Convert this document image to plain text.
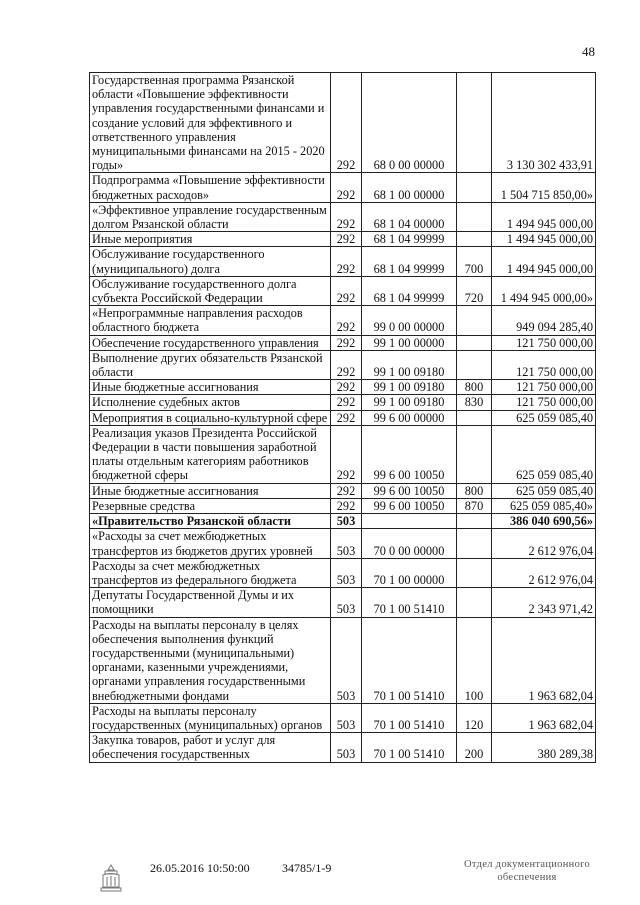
48
Государственная программа Рязанской области «Повышение эффективности управления государственными финансами и создание условий для эффективного и ответственного управления муниципальными финансами на 2015 - 2020 годы»	292	68 0 00 00000		3 130 302 433,91
Подпрограмма «Повышение эффективности бюджетных расходов»	292	68 1 00 00000		1 504 715 850,00»
«Эффективное управление государственным долгом Рязанской области	292	68 1 04 00000		1 494 945 000,00
Иные мероприятия	292	68 1 04 99999		1 494 945 000,00
Обслуживание государственного (муниципального) долга	292	68 1 04 99999	700	1 494 945 000,00
Обслуживание государственного долга субъекта Российской Федерации	292	68 1 04 99999	720	1 494 945 000,00»
«Непрограммные направления расходов областного бюджета	292	99 0 00 00000		949 094 285,40
Обеспечение государственного управления	292	99 1 00 00000		121 750 000,00
Выполнение других обязательств Рязанской области	292	99 1 00 09180		121 750 000,00
Иные бюджетные ассигнования	292	99 1 00 09180	800	121 750 000,00
Исполнение судебных актов	292	99 1 00 09180	830	121 750 000,00
Мероприятия в социально-культурной сфере	292	99 6 00 00000		625 059 085,40
Реализация указов Президента Российской Федерации в части повышения заработной платы отдельным категориям работников бюджетной сферы	292	99 6 00 10050		625 059 085,40
Иные бюджетные ассигнования	292	99 6 00 10050	800	625 059 085,40
Резервные средства	292	99 6 00 10050	870	625 059 085,40»
«Правительство Рязанской области	503			386 040 690,56»
«Расходы за счет межбюджетных трансфертов из бюджетов других уровней	503	70 0 00 00000		2 612 976,04
Расходы за счет межбюджетных трансфертов из федерального бюджета	503	70 1 00 00000		2 612 976,04
Депутаты Государственной Думы и их помощники	503	70 1 00 51410		2 343 971,42
Расходы на выплаты персоналу в целях обеспечения выполнения функций государственными (муниципальными) органами, казенными учреждениями, органами управления государственными внебюджетными фондами	503	70 1 00 51410	100	1 963 682,04
Расходы на выплаты персоналу государственных (муниципальных) органов	503	70 1 00 51410	120	1 963 682,04
Закупка товаров, работ и услуг для обеспечения государственных	503	70 1 00 51410	200	380 289,38
26.05.2016 10:50:00	34785/1-9	Отдел документационного
обеспечения
